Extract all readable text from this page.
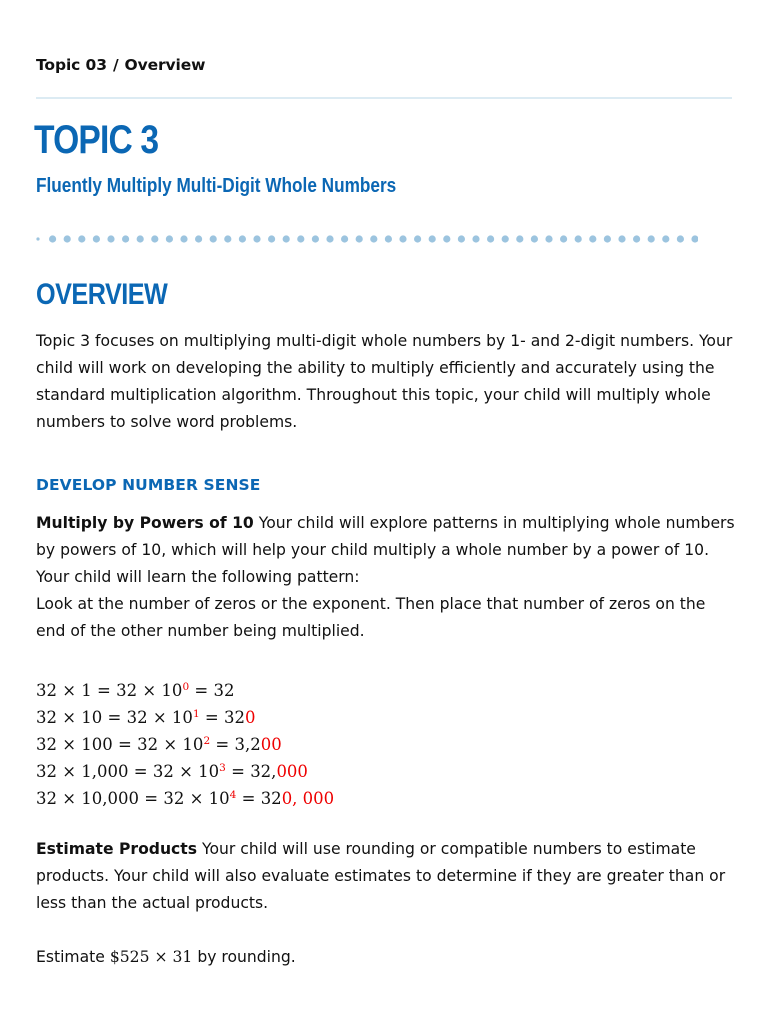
Topic 03 / Overview
TOPIC 3
Fluently Multiply Multi-Digit Whole Numbers
OVERVIEW

Topic 3 focuses on multiplying multi-digit whole numbers by 1- and 2-digit numbers. Your child will work on developing the ability to multiply efficiently and accurately using the standard multiplication algorithm. Throughout this topic, your child will multiply whole numbers to solve word problems.

DEVELOP NUMBER SENSE

Multiply by Powers of 10 Your child will explore patterns in multiplying whole numbers by powers of 10, which will help your child multiply a whole number by a power of 10. Your child will learn the following pattern:
Look at the number of zeros or the exponent. Then place that number of zeros on the end of the other number being multiplied.

$32 \times 1 = 32 \times 10^0 = 32$
$32 \times 10 = 32 \times 10^1 = 320$
$32 \times 100 = 32 \times 10^2 = 3,200$
$32 \times 1,000 = 32 \times 10^3 = 32,000$
$32 \times 10,000 = 32 \times 10^4 = 320$, 000

Estimate Products Your child will use rounding or compatible numbers to estimate products. Your child will also evaluate estimates to determine if they are greater than or less than the actual products.

Estimate $525 × 31 by rounding.
